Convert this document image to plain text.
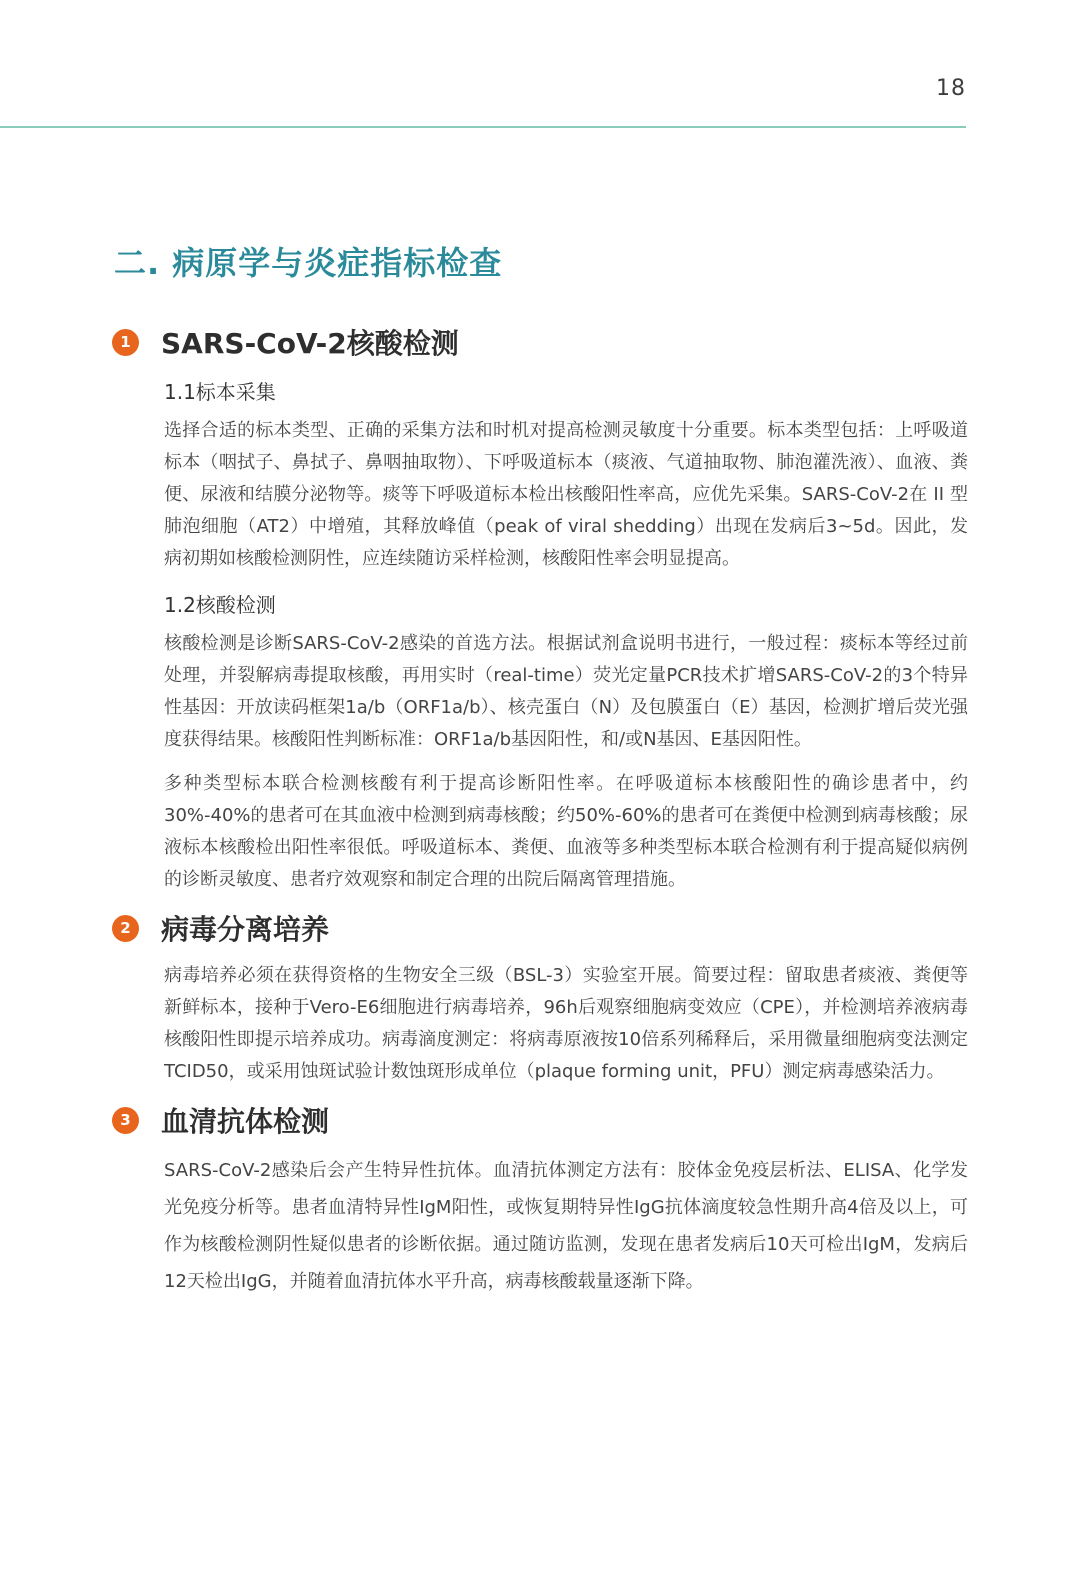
18
二. 病原学与炎症指标检查
1 SARS-CoV-2核酸检测
1.1标本采集

选择合适的标本类型、正确的采集方法和时机对提高检测灵敏度十分重要。标本类型包括：上呼吸道标本（咽拭子、鼻拭子、鼻咽抽取物）、下呼吸道标本（痰液、气道抽取物、肺泡灌洗液）、血液、粪便、尿液和结膜分泌物等。痰等下呼吸道标本检出核酸阳性率高，应优先采集。SARS-CoV-2在 II 型肺泡细胞（AT2）中增殖，其释放峰值（peak of viral shedding）出现在发病后3~5d。因此，发病初期如核酸检测阴性，应连续随访采样检测，核酸阳性率会明显提高。

1.2核酸检测

核酸检测是诊断SARS-CoV-2感染的首选方法。根据试剂盒说明书进行，一般过程：痰标本等经过前处理，并裂解病毒提取核酸，再用实时（real-time）荧光定量PCR技术扩增SARS-CoV-2的3个特异性基因：开放读码框架1a/b（ORF1a/b）、核壳蛋白（N）及包膜蛋白（E）基因，检测扩增后荧光强度获得结果。核酸阳性判断标准：ORF1a/b基因阳性，和/或N基因、E基因阳性。

多种类型标本联合检测核酸有利于提高诊断阳性率。在呼吸道标本核酸阳性的确诊患者中，约30%-40%的患者可在其血液中检测到病毒核酸；约50%-60%的患者可在粪便中检测到病毒核酸；尿液标本核酸检出阳性率很低。呼吸道标本、粪便、血液等多种类型标本联合检测有利于提高疑似病例的诊断灵敏度、患者疗效观察和制定合理的出院后隔离管理措施。

2 病毒分离培养

病毒培养必须在获得资格的生物安全三级（BSL-3）实验室开展。简要过程：留取患者痰液、粪便等新鲜标本，接种于Vero-E6细胞进行病毒培养，96h后观察细胞病变效应（CPE），并检测培养液病毒核酸阳性即提示培养成功。病毒滴度测定：将病毒原液按10倍系列稀释后，采用微量细胞病变法测定TCID50，或采用蚀斑试验计数蚀斑形成单位（plaque forming unit，PFU）测定病毒感染活力。

3 血清抗体检测

SARS-CoV-2感染后会产生特异性抗体。血清抗体测定方法有：胶体金免疫层析法、ELISA、化学发光免疫分析等。患者血清特异性IgM阳性，或恢复期特异性IgG抗体滴度较急性期升高4倍及以上，可作为核酸检测阴性疑似患者的诊断依据。通过随访监测，发现在患者发病后10天可检出IgM，发病后12天检出IgG，并随着血清抗体水平升高，病毒核酸载量逐渐下降。
